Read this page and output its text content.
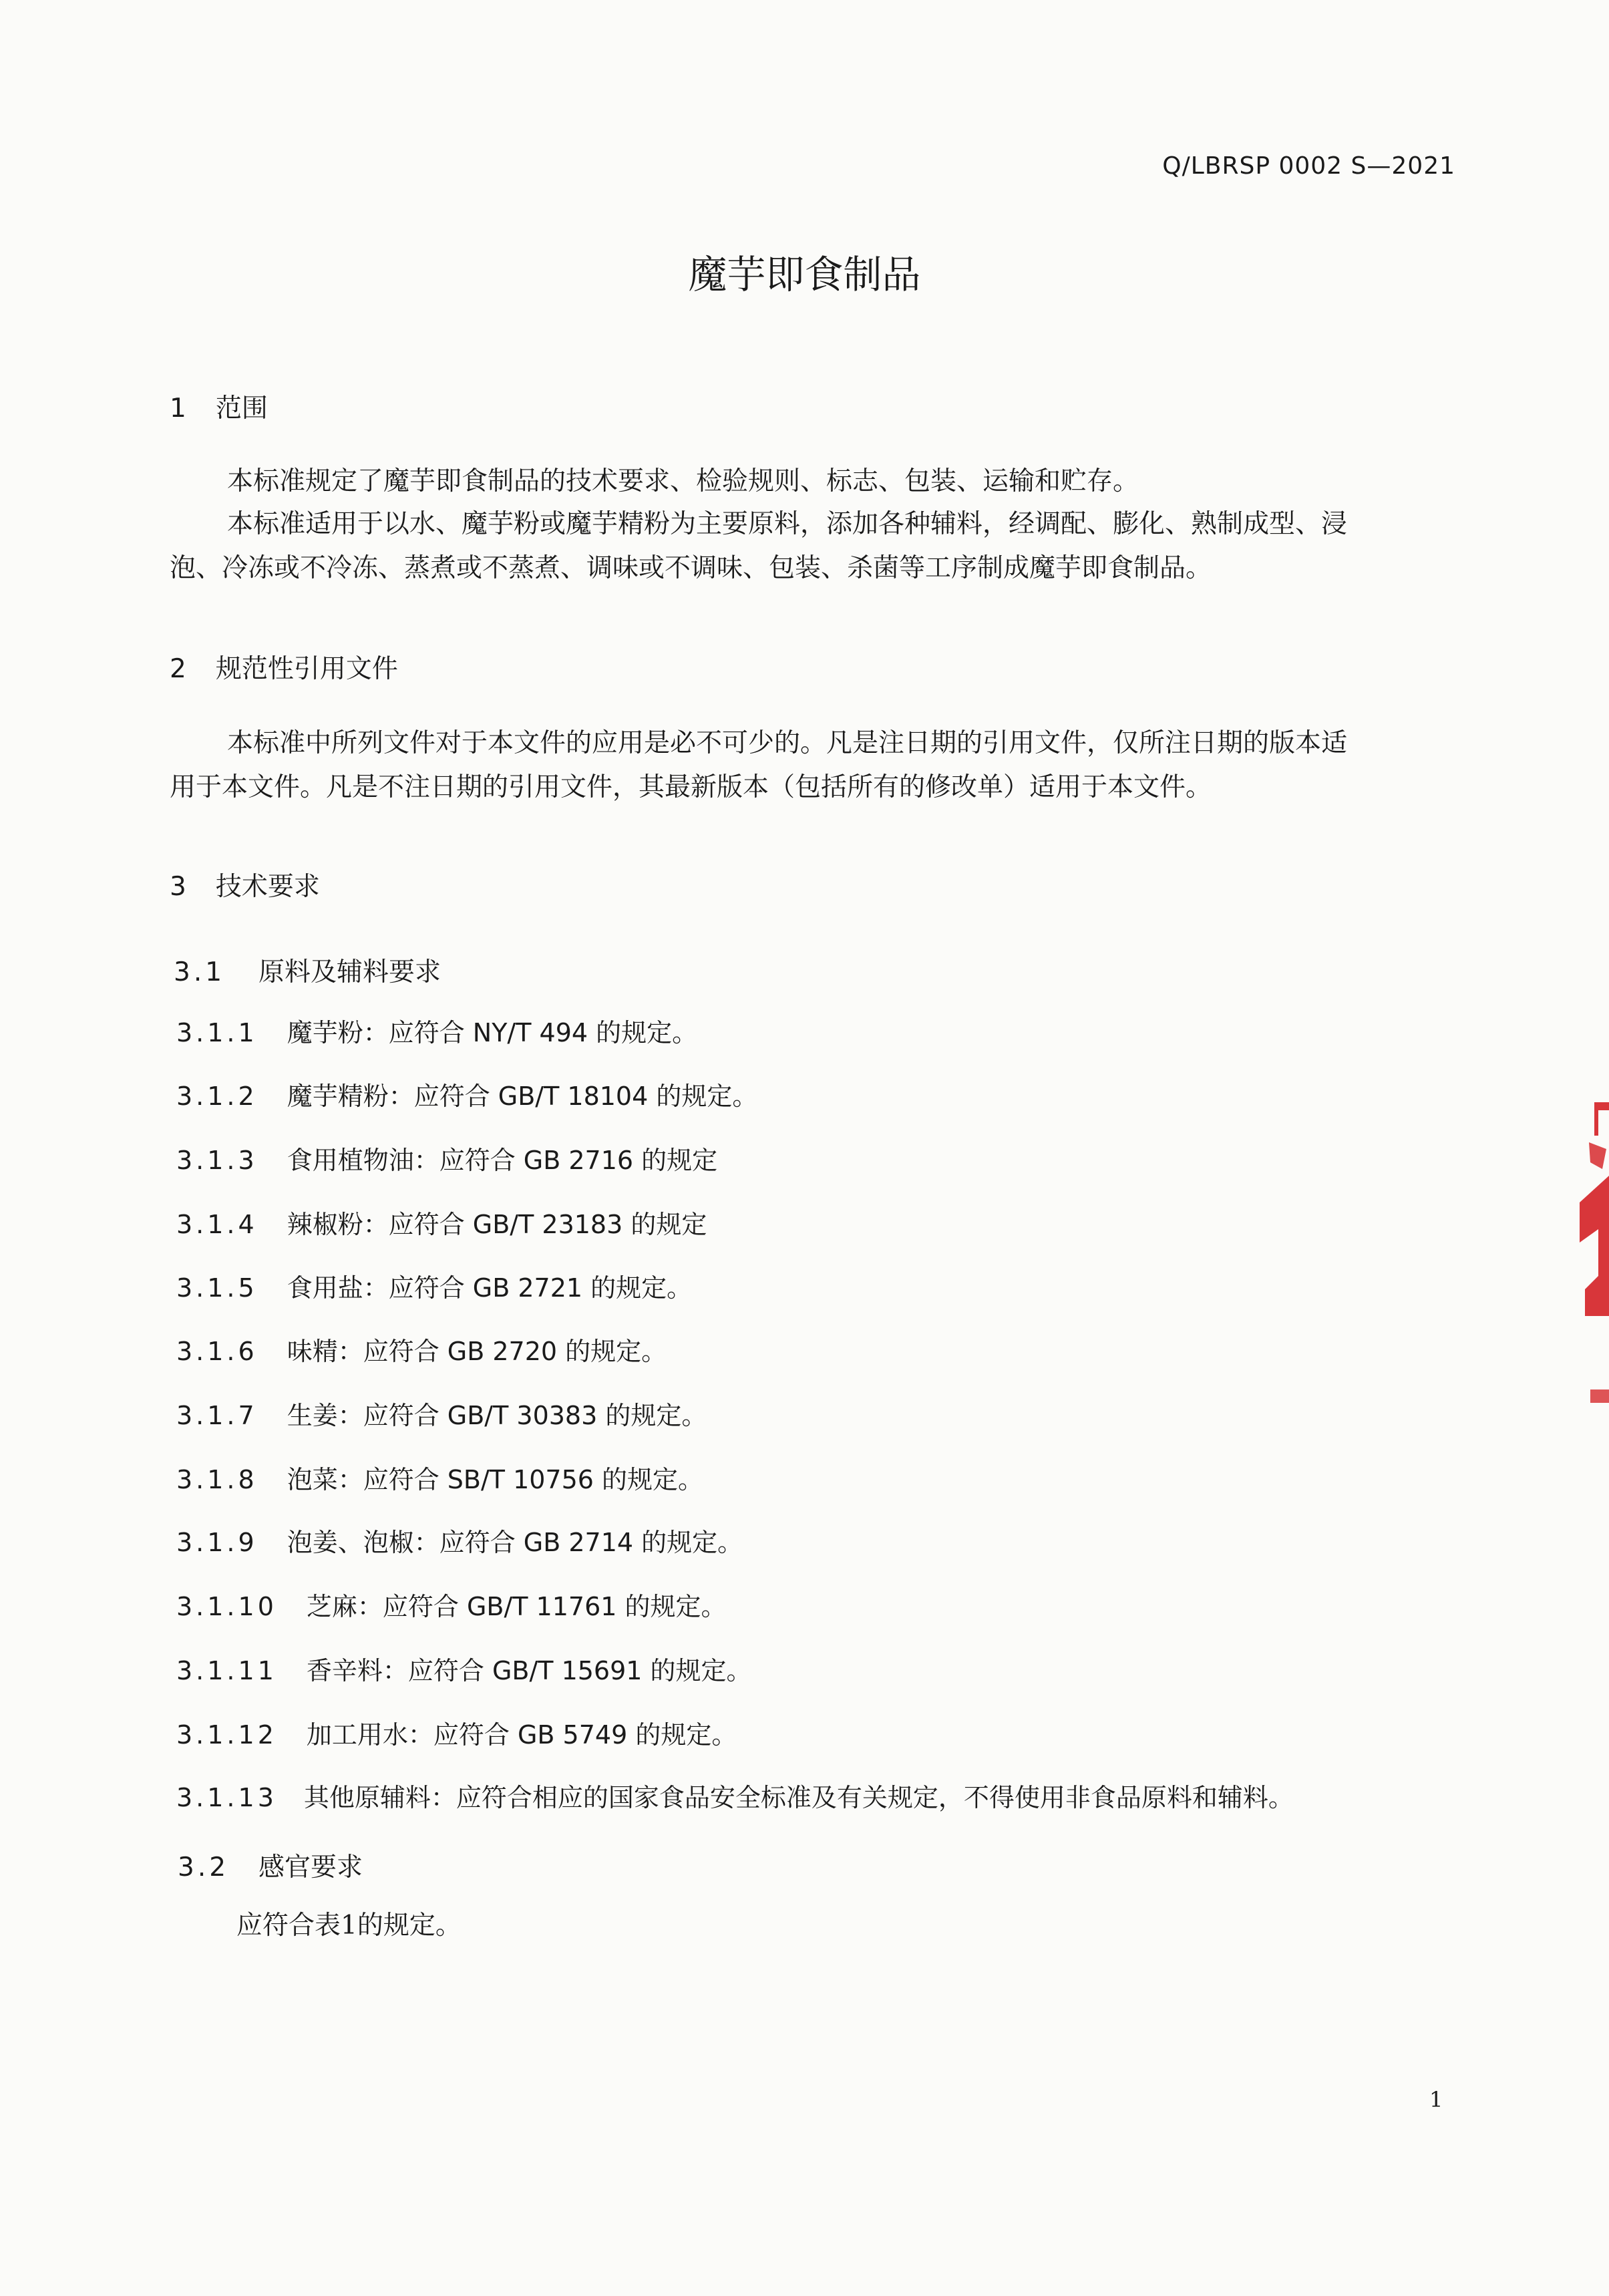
Q/LBRSP 0002 S—2021
魔芋即食制品
1 范围
本标准规定了魔芋即食制品的技术要求、检验规则、标志、包装、运输和贮存。
本标准适用于以水、魔芋粉或魔芋精粉为主要原料，添加各种辅料，经调配、膨化、熟制成型、浸
泡、冷冻或不冷冻、蒸煮或不蒸煮、调味或不调味、包装、杀菌等工序制成魔芋即食制品。
2 规范性引用文件
本标准中所列文件对于本文件的应用是必不可少的。凡是注日期的引用文件，仅所注日期的版本适
用于本文件。凡是不注日期的引用文件，其最新版本（包括所有的修改单）适用于本文件。
3 技术要求
3.1 原料及辅料要求
3.1.1 魔芋粉：应符合 NY/T 494 的规定。
3.1.2 魔芋精粉：应符合 GB/T 18104 的规定。
3.1.3 食用植物油：应符合 GB 2716 的规定
3.1.4 辣椒粉：应符合 GB/T 23183 的规定
3.1.5 食用盐：应符合 GB 2721 的规定。
3.1.6 味精：应符合 GB 2720 的规定。
3.1.7 生姜：应符合 GB/T 30383 的规定。
3.1.8 泡菜：应符合 SB/T 10756 的规定。
3.1.9 泡姜、泡椒：应符合 GB 2714 的规定。
3.1.10 芝麻：应符合 GB/T 11761 的规定。
3.1.11 香辛料：应符合 GB/T 15691 的规定。
3.1.12 加工用水：应符合 GB 5749 的规定。
3.1.13 其他原辅料：应符合相应的国家食品安全标准及有关规定，不得使用非食品原料和辅料。
3.2 感官要求
应符合表1的规定。
1
